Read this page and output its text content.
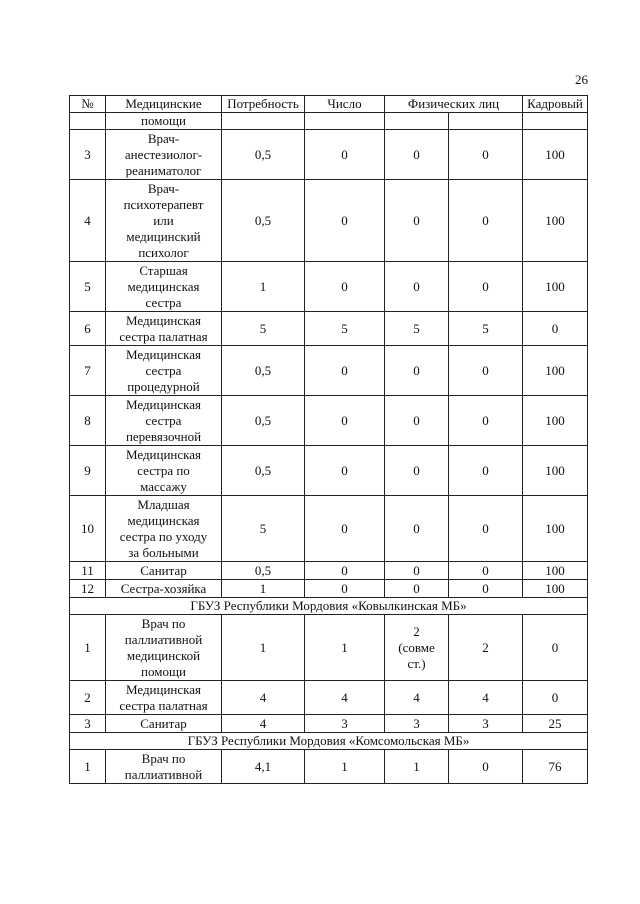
26
№	Медицинские	Потребность	Число	Физических лиц		Кадровый
	помощи					
3	Врач-
анестезиолог-
реаниматолог	0,5	0	0	0	100
4	Врач-
психотерапевт
или
медицинский
психолог	0,5	0	0	0	100
5	Старшая
медицинская
сестра	1	0	0	0	100
6	Медицинская
сестра палатная	5	5	5	5	0
7	Медицинская
сестра
процедурной	0,5	0	0	0	100
8	Медицинская
сестра
перевязочной	0,5	0	0	0	100
9	Медицинская
сестра по
массажу	0,5	0	0	0	100
10	Младшая
медицинская
сестра по уходу
за больными	5	0	0	0	100
11	Санитар	0,5	0	0	0	100
12	Сестра-хозяйка	1	0	0	0	100
ГБУЗ Республики Мордовия «Ковылкинская МБ»						
1	Врач по
паллиативной
медицинской
помощи	1	1	2
(совме
ст.)	2	0
2	Медицинская
сестра палатная	4	4	4	4	0
3	Санитар	4	3	3	3	25
ГБУЗ Республики Мордовия «Комсомольская МБ»						
1	Врач по
паллиативной	4,1	1	1	0	76
